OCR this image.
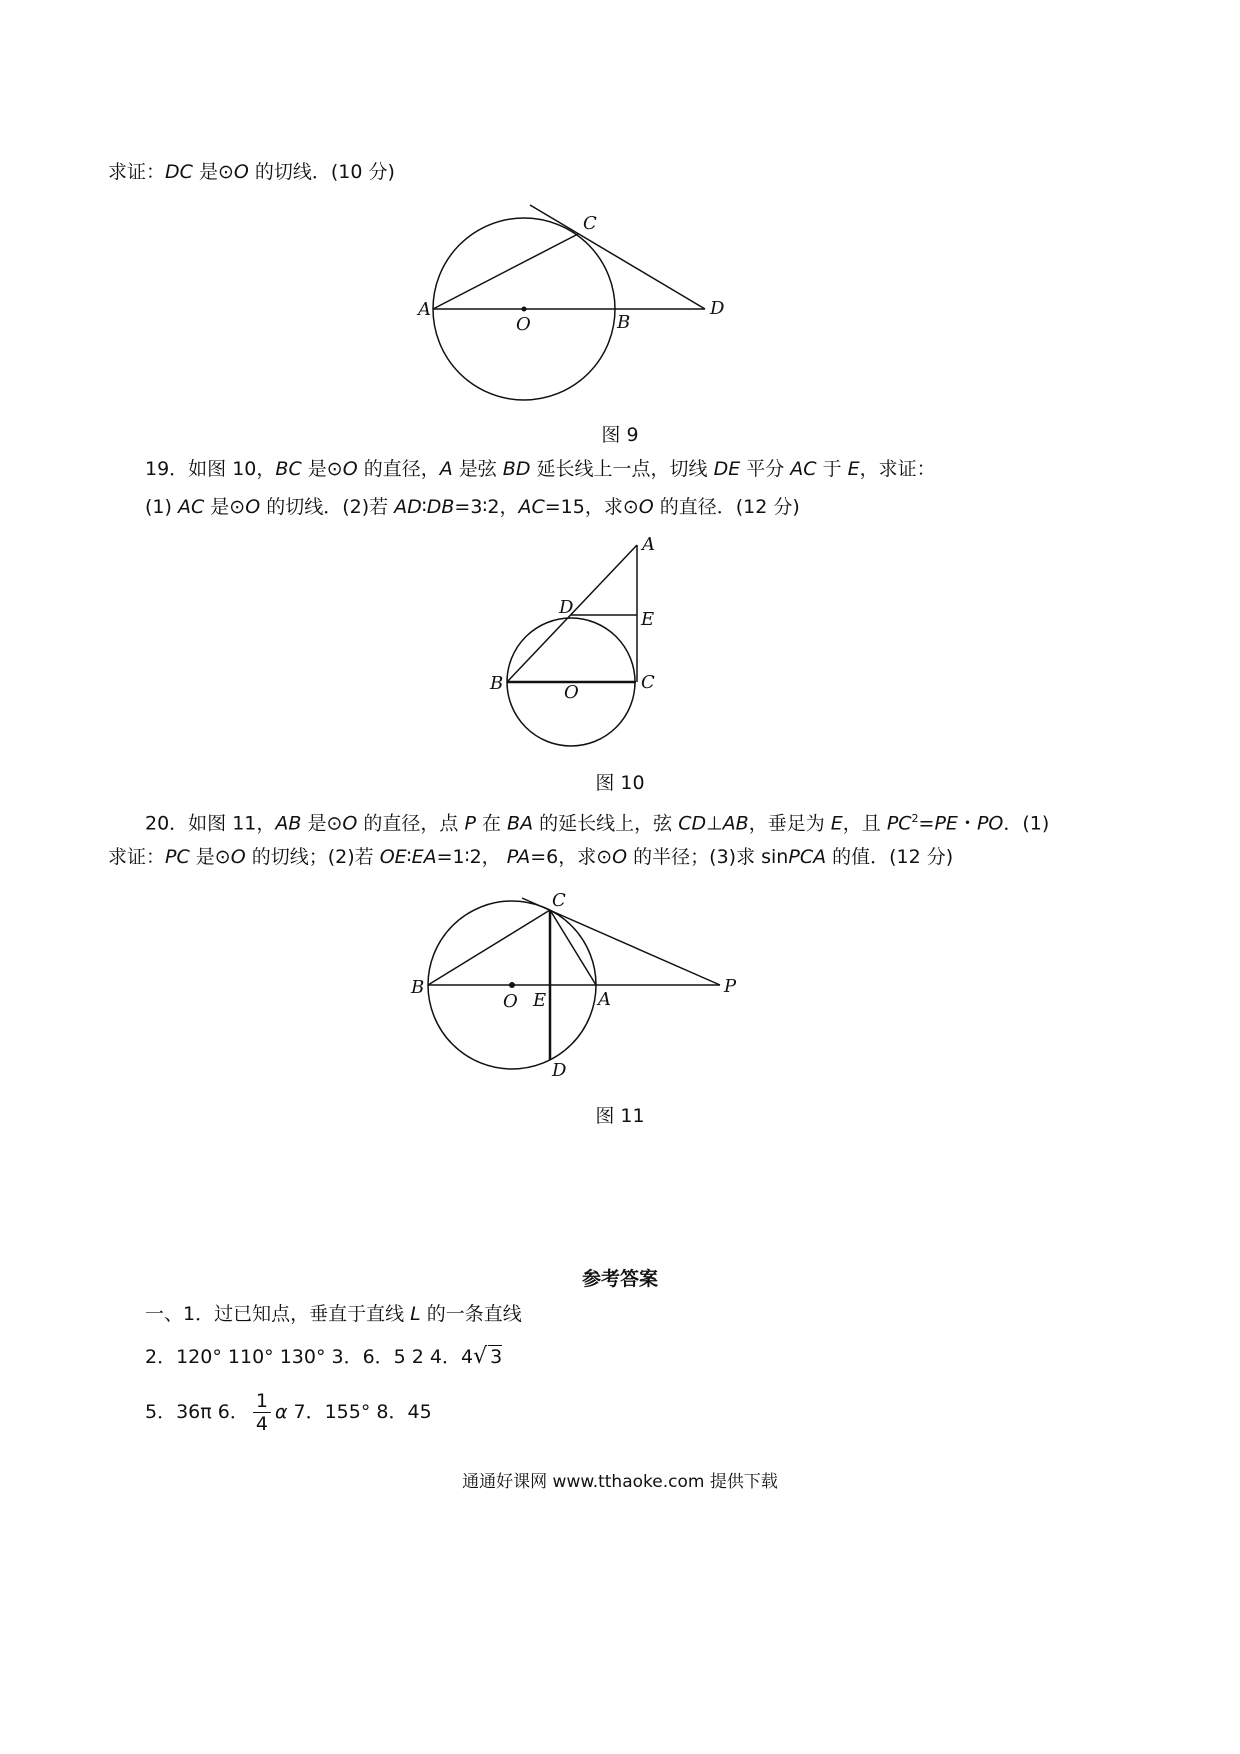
求证：DC 是⊙O 的切线．(10 分)
A
O	B
C
D
图 9
19．如图 10，BC 是⊙O 的直径，A 是弦 BD 延长线上一点，切线 DE 平分 AC 于 E，求证：
(1) AC 是⊙O 的切线．(2)若 AD∶DB=3∶2，AC=15，求⊙O 的直径．(12 分)
A
D
E
B	O	C
图 10
20．如图 11，AB 是⊙O 的直径，点 P 在 BA 的延长线上，弦 CD⊥AB，垂足为 E，且 $PC^2=PE$・PO．(1)
求证：PC 是⊙O 的切线；(2)若 OE∶EA=1∶2， PA=6，求⊙O 的半径；(3)求 sinPCA 的值．(12 分)
C
B
O E	A
P
D
图 11
参考答案
一、1．过已知点，垂直于直线 L 的一条直线
2．120° 110° 130° 3．6．5 2 4．4√ 3
5．36π 6． $\frac{1}{4}$ α 7．155° 8．45
通通好课网 www.tthaoke.com 提供下载
